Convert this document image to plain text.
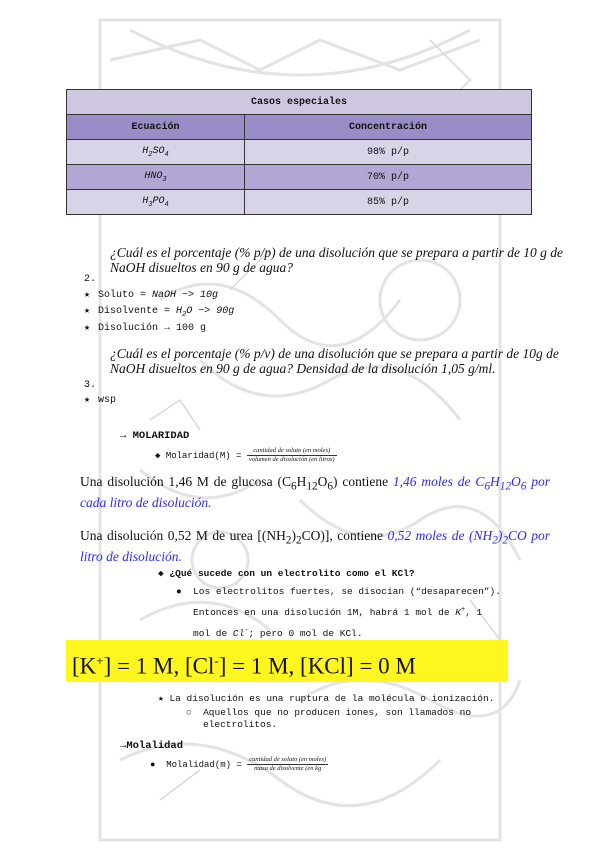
Casos especiales	
Ecuación	Concentración
$H_2SO_4$	98% p/p
$HNO_3$	70% p/p
$H_3PO_4$	85% p/p
¿Cuál es el porcentaje (% p/p) de una disolución que se prepara a partir de 10 g de NaOH disueltos en 90 g de agua?
2.
★ Soluto = NaOH −> 10g
★ Disolvente = $H_2O -> 90g$
★ Disolución → 100 g
¿Cuál es el porcentaje (% p/v) de una disolución que se prepara a partir de 10g de NaOH disueltos en 90 g de agua? Densidad de la disolución 1,05 g/ml.
3.
★ wsp
→ MOLARIDAD
◆ Molaridad(M) = $\frac{\text{cantidad de soluto (en moles)}}{\text{volumen de disolución (en litros)}}$
Una disolución 1,46 M de glucosa $(C_6H_{12}O_6)$ contiene 1,46 moles de $C_6H_{12}O_6$ por cada litro de disolución.
Una disolución 0,52 M de urea $[(NH_2)_2CO)$], contiene 0,52 moles de $(NH_2)_2CO$ por litro de disolución.
◆ ¿Qué sucede con un electrolito como el KCl?
● Los electrolitos fuertes, se disocian (“desaparecen”).
Entonces en una disolución 1M, habrá 1 mol de K+, 1
mol de Cl-; pero 0 mol de KCl.
[K+] = 1 M, [Cl-] = 1 M, [KCl] = 0 M
★ La disolución es una ruptura de la molécula o ionización.
○ Aquellos que no producen iones, son llamados no
electrolitos.
→Molalidad
● Molalidad(m) = $\frac{\text{cantidad de soluto (en moles)}}{\text{masa de disolvente (en kg}}$
